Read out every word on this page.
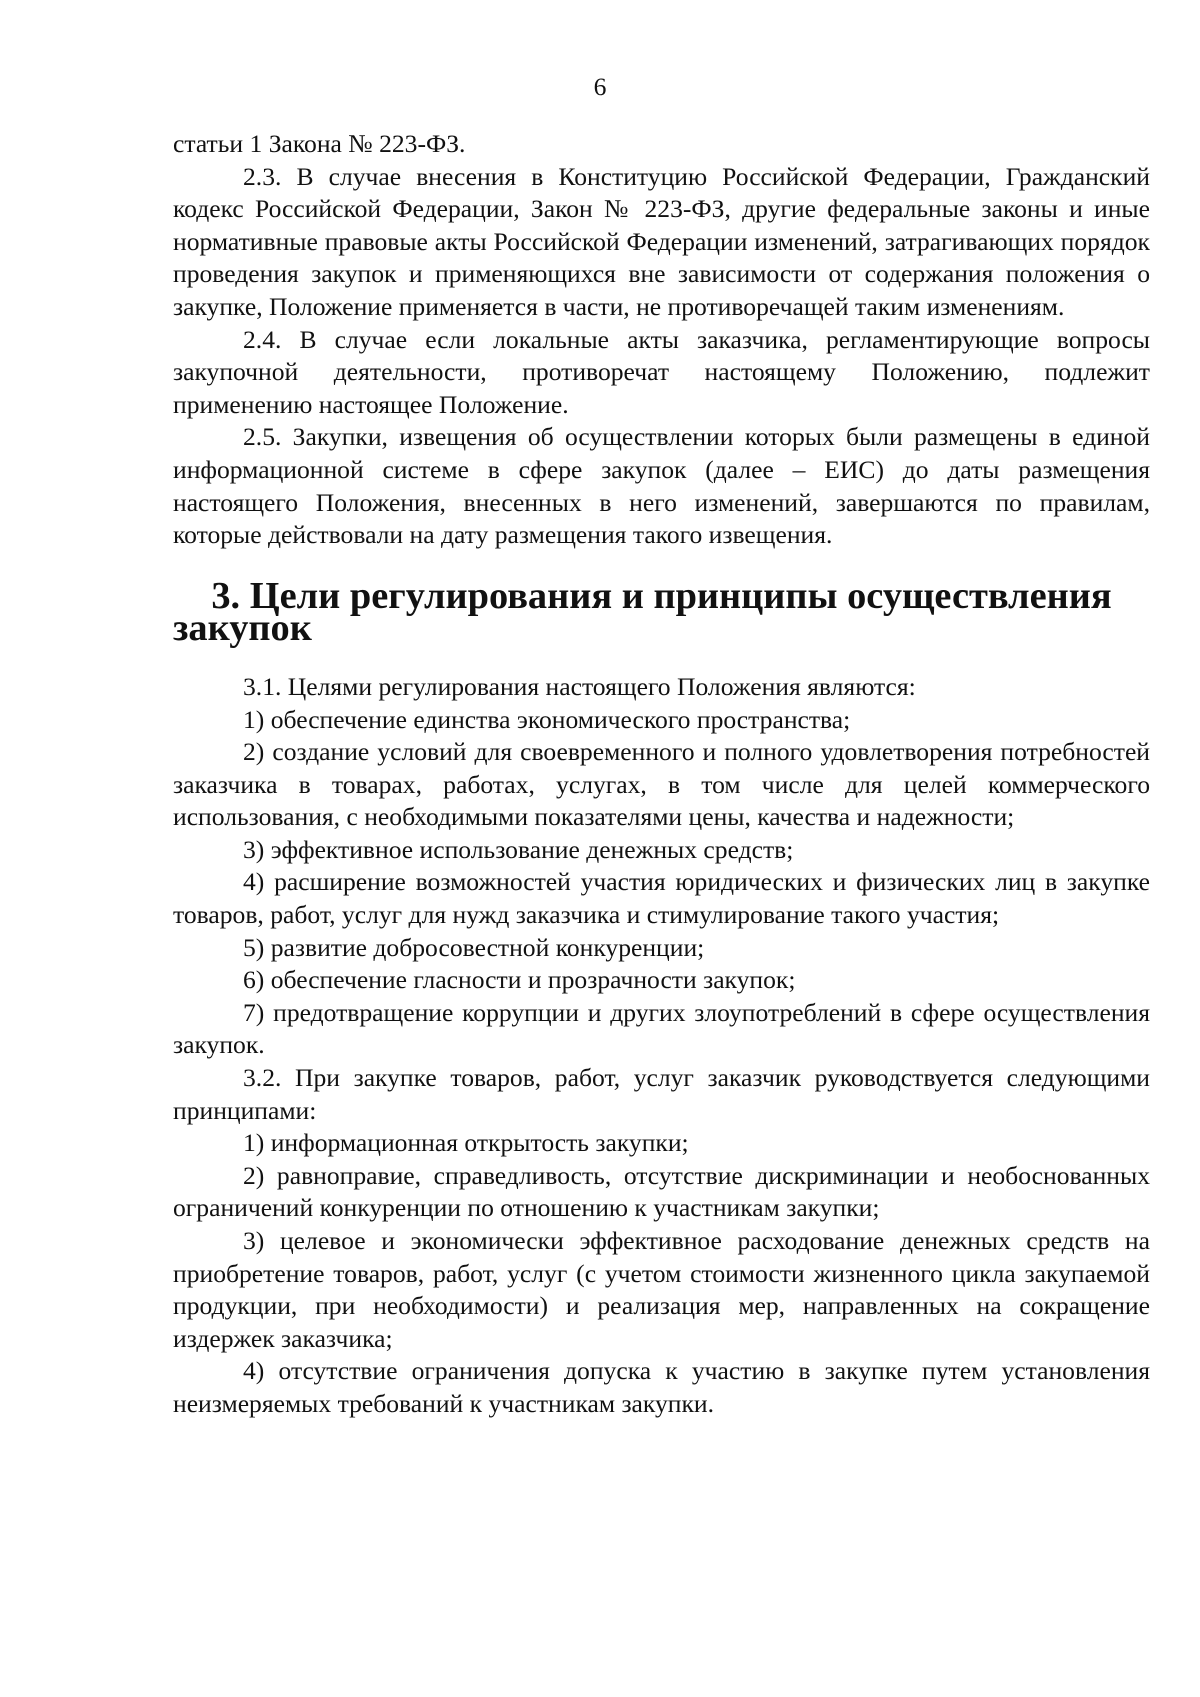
6

статьи 1 Закона № 223-ФЗ.

2.3. В случае внесения в Конституцию Российской Федерации, Гражданский кодекс Российской Федерации, Закон № 223-ФЗ, другие федеральные законы и иные нормативные правовые акты Российской Федерации изменений, затрагивающих порядок проведения закупок и применяющихся вне зависимости от содержания положения о закупке, Положение применяется в части, не противоречащей таким изменениям.

2.4. В случае если локальные акты заказчика, регламентирующие вопросы закупочной деятельности, противоречат настоящему Положению, подлежит применению настоящее Положение.

2.5. Закупки, извещения об осуществлении которых были размещены в единой информационной системе в сфере закупок (далее – ЕИС) до даты размещения настоящего Положения, внесенных в него изменений, завершаются по правилам, которые действовали на дату размещения такого извещения.

3. Цели регулирования и принципы осуществления закупок

3.1. Целями регулирования настоящего Положения являются:

1) обеспечение единства экономического пространства;

2) создание условий для своевременного и полного удовлетворения потребностей заказчика в товарах, работах, услугах, в том числе для целей коммерческого использования, с необходимыми показателями цены, качества и надежности;

3) эффективное использование денежных средств;

4) расширение возможностей участия юридических и физических лиц в закупке товаров, работ, услуг для нужд заказчика и стимулирование такого участия;

5) развитие добросовестной конкуренции;

6) обеспечение гласности и прозрачности закупок;

7) предотвращение коррупции и других злоупотреблений в сфере осуществления закупок.

3.2. При закупке товаров, работ, услуг заказчик руководствуется следующими принципами:

1) информационная открытость закупки;

2) равноправие, справедливость, отсутствие дискриминации и необоснованных ограничений конкуренции по отношению к участникам закупки;

3) целевое и экономически эффективное расходование денежных средств на приобретение товаров, работ, услуг (с учетом стоимости жизненного цикла закупаемой продукции, при необходимости) и реализация мер, направленных на сокращение издержек заказчика;

4) отсутствие ограничения допуска к участию в закупке путем установления неизмеряемых требований к участникам закупки.
